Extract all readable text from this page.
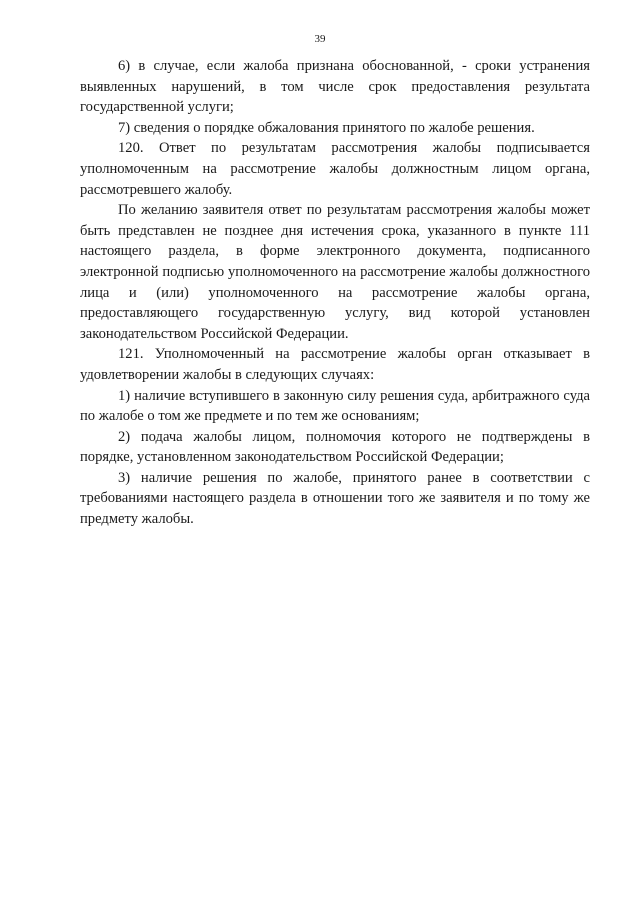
39

6) в случае, если жалоба признана обоснованной, - сроки устранения выявленных нарушений, в том числе срок предоставления результата государственной услуги;

7) сведения о порядке обжалования принятого по жалобе решения.

120. Ответ по результатам рассмотрения жалобы подписывается уполномоченным на рассмотрение жалобы должностным лицом органа, рассмотревшего жалобу.

По желанию заявителя ответ по результатам рассмотрения жалобы может быть представлен не позднее дня истечения срока, указанного в пункте 111 настоящего раздела, в форме электронного документа, подписанного электронной подписью уполномоченного на рассмотрение жалобы должностного лица и (или) уполномоченного на рассмотрение жалобы органа, предоставляющего государственную услугу, вид которой установлен законодательством Российской Федерации.

121. Уполномоченный на рассмотрение жалобы орган отказывает в удовлетворении жалобы в следующих случаях:

1) наличие вступившего в законную силу решения суда, арбитражного суда по жалобе о том же предмете и по тем же основаниям;

2) подача жалобы лицом, полномочия которого не подтверждены в порядке, установленном законодательством Российской Федерации;

3) наличие решения по жалобе, принятого ранее в соответствии с требованиями настоящего раздела в отношении того же заявителя и по тому же предмету жалобы.
